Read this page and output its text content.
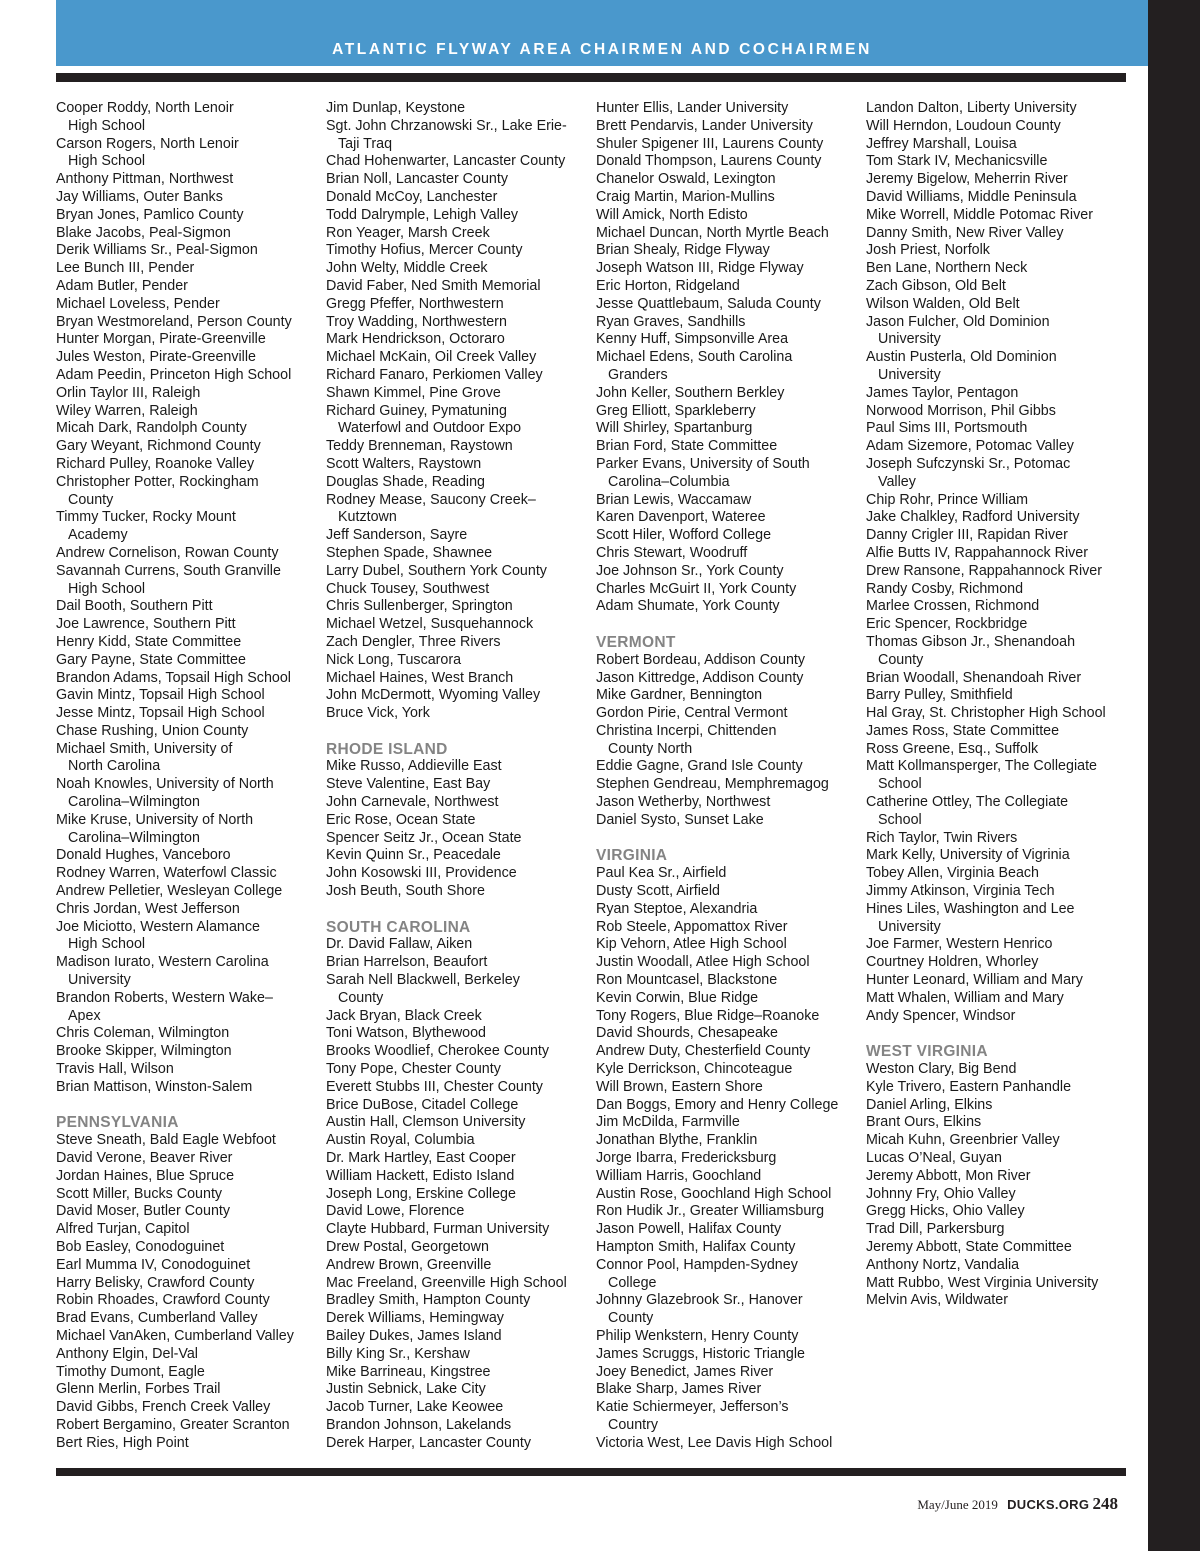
ATLANTIC FLYWAY AREA CHAIRMEN AND COCHAIRMEN
Cooper Roddy, North Lenoir
High School
Carson Rogers, North Lenoir
High School
Anthony Pittman, Northwest
Jay Williams, Outer Banks
Bryan Jones, Pamlico County
Blake Jacobs, Peal-Sigmon
Derik Williams Sr., Peal-Sigmon
Lee Bunch III, Pender
Adam Butler, Pender
Michael Loveless, Pender
Bryan Westmoreland, Person County
Hunter Morgan, Pirate-Greenville
Jules Weston, Pirate-Greenville
Adam Peedin, Princeton High School
Orlin Taylor III, Raleigh
Wiley Warren, Raleigh
Micah Dark, Randolph County
Gary Weyant, Richmond County
Richard Pulley, Roanoke Valley
Christopher Potter, Rockingham
County
Timmy Tucker, Rocky Mount
Academy
Andrew Cornelison, Rowan County
Savannah Currens, South Granville
High School
Dail Booth, Southern Pitt
Joe Lawrence, Southern Pitt
Henry Kidd, State Committee
Gary Payne, State Committee
Brandon Adams, Topsail High School
Gavin Mintz, Topsail High School
Jesse Mintz, Topsail High School
Chase Rushing, Union County
Michael Smith, University of
North Carolina
Noah Knowles, University of North
Carolina–Wilmington
Mike Kruse, University of North
Carolina–Wilmington
Donald Hughes, Vanceboro
Rodney Warren, Waterfowl Classic
Andrew Pelletier, Wesleyan College
Chris Jordan, West Jefferson
Joe Miciotto, Western Alamance
High School
Madison Iurato, Western Carolina
University
Brandon Roberts, Western Wake–
Apex
Chris Coleman, Wilmington
Brooke Skipper, Wilmington
Travis Hall, Wilson
Brian Mattison, Winston-Salem
PENNSYLVANIA
Steve Sneath, Bald Eagle Webfoot
David Verone, Beaver River
Jordan Haines, Blue Spruce
Scott Miller, Bucks County
David Moser, Butler County
Alfred Turjan, Capitol
Bob Easley, Conodoguinet
Earl Mumma IV, Conodoguinet
Harry Belisky, Crawford County
Robin Rhoades, Crawford County
Brad Evans, Cumberland Valley
Michael VanAken, Cumberland Valley
Anthony Elgin, Del-Val
Timothy Dumont, Eagle
Glenn Merlin, Forbes Trail
David Gibbs, French Creek Valley
Robert Bergamino, Greater Scranton
Bert Ries, High Point
Jim Dunlap, Keystone
Sgt. John Chrzanowski Sr., Lake Erie-
Taji Traq
Chad Hohenwarter, Lancaster County
Brian Noll, Lancaster County
Donald McCoy, Lanchester
Todd Dalrymple, Lehigh Valley
Ron Yeager, Marsh Creek
Timothy Hofius, Mercer County
John Welty, Middle Creek
David Faber, Ned Smith Memorial
Gregg Pfeffer, Northwestern
Troy Wadding, Northwestern
Mark Hendrickson, Octoraro
Michael McKain, Oil Creek Valley
Richard Fanaro, Perkiomen Valley
Shawn Kimmel, Pine Grove
Richard Guiney, Pymatuning
Waterfowl and Outdoor Expo
Teddy Brenneman, Raystown
Scott Walters, Raystown
Douglas Shade, Reading
Rodney Mease, Saucony Creek–
Kutztown
Jeff Sanderson, Sayre
Stephen Spade, Shawnee
Larry Dubel, Southern York County
Chuck Tousey, Southwest
Chris Sullenberger, Springton
Michael Wetzel, Susquehannock
Zach Dengler, Three Rivers
Nick Long, Tuscarora
Michael Haines, West Branch
John McDermott, Wyoming Valley
Bruce Vick, York
RHODE ISLAND
Mike Russo, Addieville East
Steve Valentine, East Bay
John Carnevale, Northwest
Eric Rose, Ocean State
Spencer Seitz Jr., Ocean State
Kevin Quinn Sr., Peacedale
John Kosowski III, Providence
Josh Beuth, South Shore
SOUTH CAROLINA
Dr. David Fallaw, Aiken
Brian Harrelson, Beaufort
Sarah Nell Blackwell, Berkeley
County
Jack Bryan, Black Creek
Toni Watson, Blythewood
Brooks Woodlief, Cherokee County
Tony Pope, Chester County
Everett Stubbs III, Chester County
Brice DuBose, Citadel College
Austin Hall, Clemson University
Austin Royal, Columbia
Dr. Mark Hartley, East Cooper
William Hackett, Edisto Island
Joseph Long, Erskine College
David Lowe, Florence
Clayte Hubbard, Furman University
Drew Postal, Georgetown
Andrew Brown, Greenville
Mac Freeland, Greenville High School
Bradley Smith, Hampton County
Derek Williams, Hemingway
Bailey Dukes, James Island
Billy King Sr., Kershaw
Mike Barrineau, Kingstree
Justin Sebnick, Lake City
Jacob Turner, Lake Keowee
Brandon Johnson, Lakelands
Derek Harper, Lancaster County
Hunter Ellis, Lander University
Brett Pendarvis, Lander University
Shuler Spigener III, Laurens County
Donald Thompson, Laurens County
Chanelor Oswald, Lexington
Craig Martin, Marion-Mullins
Will Amick, North Edisto
Michael Duncan, North Myrtle Beach
Brian Shealy, Ridge Flyway
Joseph Watson III, Ridge Flyway
Eric Horton, Ridgeland
Jesse Quattlebaum, Saluda County
Ryan Graves, Sandhills
Kenny Huff, Simpsonville Area
Michael Edens, South Carolina
Granders
John Keller, Southern Berkley
Greg Elliott, Sparkleberry
Will Shirley, Spartanburg
Brian Ford, State Committee
Parker Evans, University of South
Carolina–Columbia
Brian Lewis, Waccamaw
Karen Davenport, Wateree
Scott Hiler, Wofford College
Chris Stewart, Woodruff
Joe Johnson Sr., York County
Charles McGuirt II, York County
Adam Shumate, York County
VERMONT
Robert Bordeau, Addison County
Jason Kittredge, Addison County
Mike Gardner, Bennington
Gordon Pirie, Central Vermont
Christina Incerpi, Chittenden
County North
Eddie Gagne, Grand Isle County
Stephen Gendreau, Memphremagog
Jason Wetherby, Northwest
Daniel Systo, Sunset Lake
VIRGINIA
Paul Kea Sr., Airfield
Dusty Scott, Airfield
Ryan Steptoe, Alexandria
Rob Steele, Appomattox River
Kip Vehorn, Atlee High School
Justin Woodall, Atlee High School
Ron Mountcasel, Blackstone
Kevin Corwin, Blue Ridge
Tony Rogers, Blue Ridge–Roanoke
David Shourds, Chesapeake
Andrew Duty, Chesterfield County
Kyle Derrickson, Chincoteague
Will Brown, Eastern Shore
Dan Boggs, Emory and Henry College
Jim McDilda, Farmville
Jonathan Blythe, Franklin
Jorge Ibarra, Fredericksburg
William Harris, Goochland
Austin Rose, Goochland High School
Ron Hudik Jr., Greater Williamsburg
Jason Powell, Halifax County
Hampton Smith, Halifax County
Connor Pool, Hampden-Sydney
College
Johnny Glazebrook Sr., Hanover
County
Philip Wenkstern, Henry County
James Scruggs, Historic Triangle
Joey Benedict, James River
Blake Sharp, James River
Katie Schiermeyer, Jefferson’s
Country
Victoria West, Lee Davis High School
Landon Dalton, Liberty University
Will Herndon, Loudoun County
Jeffrey Marshall, Louisa
Tom Stark IV, Mechanicsville
Jeremy Bigelow, Meherrin River
David Williams, Middle Peninsula
Mike Worrell, Middle Potomac River
Danny Smith, New River Valley
Josh Priest, Norfolk
Ben Lane, Northern Neck
Zach Gibson, Old Belt
Wilson Walden, Old Belt
Jason Fulcher, Old Dominion
University
Austin Pusterla, Old Dominion
University
James Taylor, Pentagon
Norwood Morrison, Phil Gibbs
Paul Sims III, Portsmouth
Adam Sizemore, Potomac Valley
Joseph Sufczynski Sr., Potomac
Valley
Chip Rohr, Prince William
Jake Chalkley, Radford University
Danny Crigler III, Rapidan River
Alfie Butts IV, Rappahannock River
Drew Ransone, Rappahannock River
Randy Cosby, Richmond
Marlee Crossen, Richmond
Eric Spencer, Rockbridge
Thomas Gibson Jr., Shenandoah
County
Brian Woodall, Shenandoah River
Barry Pulley, Smithfield
Hal Gray, St. Christopher High School
James Ross, State Committee
Ross Greene, Esq., Suffolk
Matt Kollmansperger, The Collegiate
School
Catherine Ottley, The Collegiate
School
Rich Taylor, Twin Rivers
Mark Kelly, University of Vigrinia
Tobey Allen, Virginia Beach
Jimmy Atkinson, Virginia Tech
Hines Liles, Washington and Lee
University
Joe Farmer, Western Henrico
Courtney Holdren, Whorley
Hunter Leonard, William and Mary
Matt Whalen, William and Mary
Andy Spencer, Windsor
WEST VIRGINIA
Weston Clary, Big Bend
Kyle Trivero, Eastern Panhandle
Daniel Arling, Elkins
Brant Ours, Elkins
Micah Kuhn, Greenbrier Valley
Lucas O’Neal, Guyan
Jeremy Abbott, Mon River
Johnny Fry, Ohio Valley
Gregg Hicks, Ohio Valley
Trad Dill, Parkersburg
Jeremy Abbott, State Committee
Anthony Nortz, Vandalia
Matt Rubbo, West Virginia University
Melvin Avis, Wildwater
May/June 2019 DUCKS.ORG 248
